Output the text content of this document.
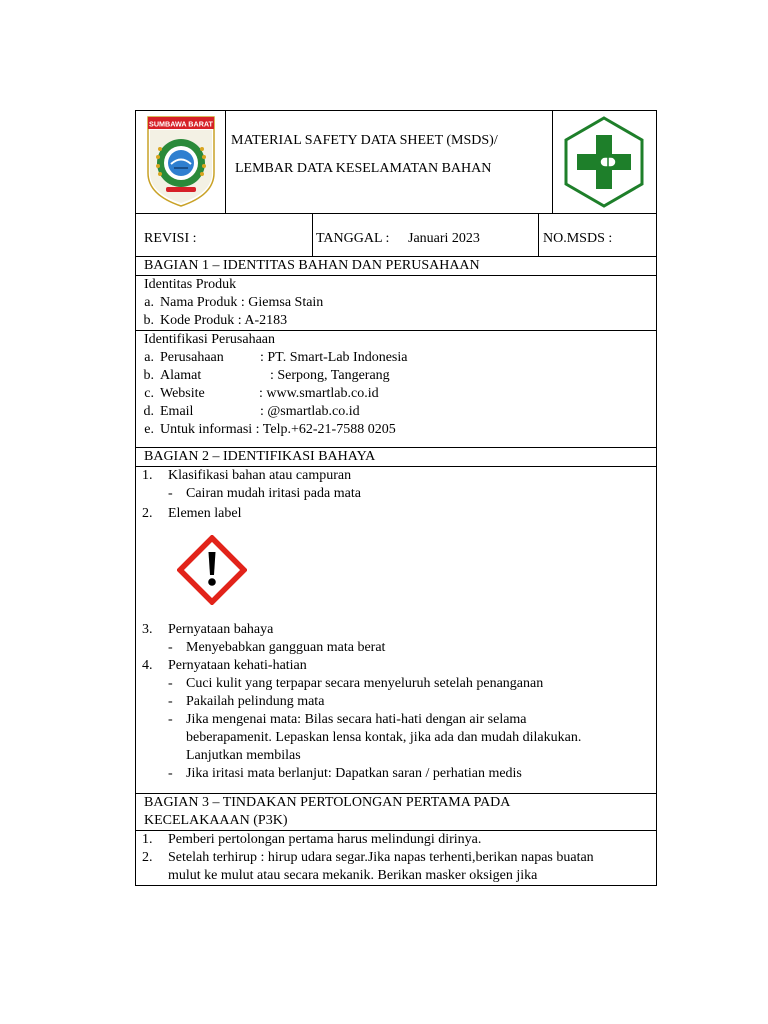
SUMBAWA BARAT
MATERIAL SAFETY DATA SHEET (MSDS)/
LEMBAR DATA KESELAMATAN BAHAN
REVISI :	TANGGAL : Januari 2023	NO.MSDS :
BAGIAN 1 – IDENTITAS BAHAN DAN PERUSAHAAN
Identitas Produk
a. Nama Produk : Giemsa Stain
b. Kode Produk : A-2183
Identifikasi Perusahaan
a. Perusahaan	: PT. Smart-Lab Indonesia
b. Alamat	: Serpong, Tangerang
c. Website	: www.smartlab.co.id
d. Email	: @smartlab.co.id
e. Untuk informasi : Telp.+62-21-7588 0205
BAGIAN 2 – IDENTIFIKASI BAHAYA
1. Klasifikasi bahan atau campuran
- Cairan mudah iritasi pada mata
2. Elemen label
3. Pernyataan bahaya
- Menyebabkan gangguan mata berat
4. Pernyataan kehati-hatian
- Cuci kulit yang terpapar secara menyeluruh setelah penanganan
- Pakailah pelindung mata
- Jika mengenai mata: Bilas secara hati-hati dengan air selama
beberapamenit. Lepaskan lensa kontak, jika ada dan mudah dilakukan.
Lanjutkan membilas
- Jika iritasi mata berlanjut: Dapatkan saran / perhatian medis
BAGIAN 3 – TINDAKAN PERTOLONGAN PERTAMA PADA
KECELAKAAAN (P3K)
1. Pemberi pertolongan pertama harus melindungi dirinya.
2. Setelah terhirup : hirup udara segar.Jika napas terhenti,berikan napas buatan
mulut ke mulut atau secara mekanik. Berikan masker oksigen jika
